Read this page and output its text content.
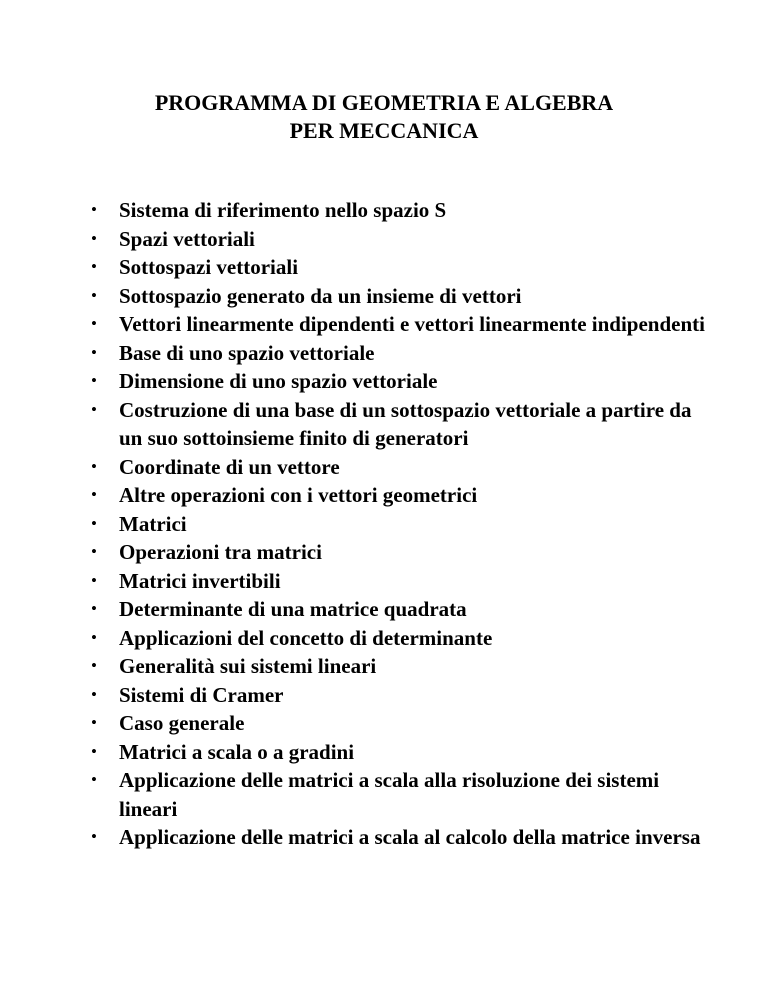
PROGRAMMA DI GEOMETRIA E ALGEBRA
PER MECCANICA
•	Sistema di riferimento nello spazio S
•	Spazi vettoriali
•	Sottospazi vettoriali
•	Sottospazio generato da un insieme di vettori
•	Vettori linearmente dipendenti e vettori linearmente indipendenti
•	Base di uno spazio vettoriale
•	Dimensione di uno spazio vettoriale
•	Costruzione di una base di un sottospazio vettoriale a partire da un suo sottoinsieme finito di generatori
•	Coordinate di un vettore
•	Altre operazioni con i vettori geometrici
•	Matrici
•	Operazioni tra matrici
•	Matrici invertibili
•	Determinante di una matrice quadrata
•	Applicazioni del concetto di determinante
•	Generalità sui sistemi lineari
•	Sistemi di Cramer
•	Caso generale
•	Matrici a scala o a gradini
•	Applicazione delle matrici a scala alla risoluzione dei sistemi lineari
•	Applicazione delle matrici a scala al calcolo della matrice inversa
